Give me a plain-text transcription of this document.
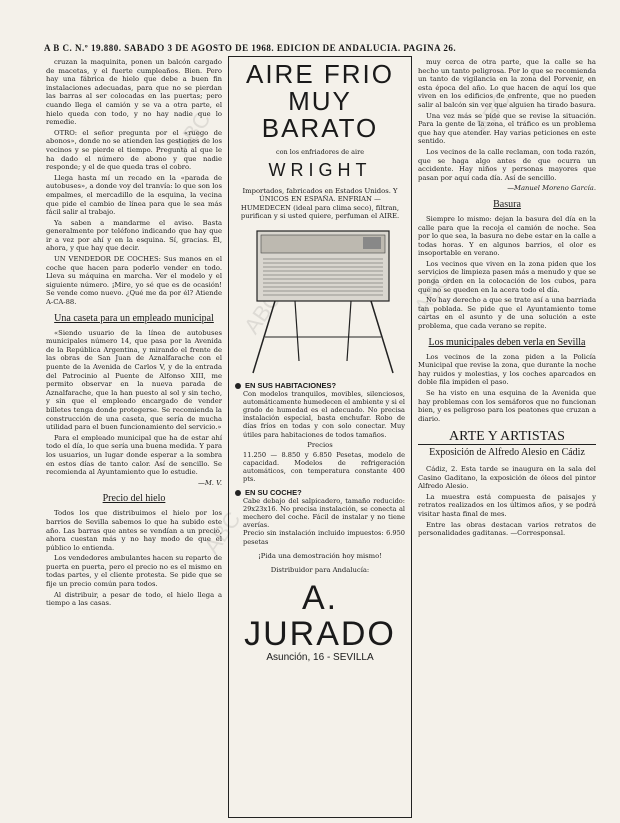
A B C. N.º 19.880. SABADO 3 DE AGOSTO DE 1968. EDICION DE ANDALUCIA. PAGINA 26.
ABC
ABC
ABC
ABC
ABC

cruzan la maquinita, ponen un balcón cargado de macetas, y el fuerte cumpleaños. Bien. Pero hay una fábrica de hielo que debe a buen fin instalaciones adecuadas, para que no se pierdan las barras al ser colocadas en las puertas; pero cuando llega el camión y se va a otra parte, el hielo queda con todo, y no hay nadie que lo remedie.

OTRO: el señor pregunta por el «ruego de abonos», donde no se atienden las gestiones de los vecinos y se pierde el tiempo. Pregunta al que le ha dado el número de abono y que nadie responde; y el de que queda tras el cobro.

Llega hasta mí un recado en la «parada de autobuses», a donde voy del tranvía: lo que son los empalmes, el mercadillo de la esquina, la vecina que pide el cambio de línea para que le sea más fácil salir al trabajo.

Ya saben a mandarme el aviso. Basta generalmente por teléfono indicando que hay que ir a vez por ahí y en la esquina. Sí, gracias. Él, ahora, y que hay que decir.

UN VENDEDOR DE COCHES: Sus manos en el coche que hacen para poderlo vender en todo. Lleva su máquina en marcha. Ver el modelo y el siguiente número. ¡Mire, yo sé que es de ocasión! Se vende como nuevo. ¿Qué me da por él? Atiende A-CA-88.

Una caseta para un empleado municipal

«Siendo usuario de la línea de autobuses municipales número 14, que pasa por la Avenida de la República Argentina, y mirando el frente de las obras de San Juan de Aznalfarache con el puente de la Avenida de Carlos V, y de la entrada del Patrocinio al Puente de Alfonso XIII, me permito observar en la nueva parada de Aznalfarache, que la han puesto al sol y sin techo, y sin que el empleado encargado de vender billetes tenga donde protegerse. Se recomienda la construcción de una caseta, que sería de mucha utilidad para el buen funcionamiento del servicio.»

Para el empleado municipal que ha de estar ahí todo el día, lo que sería una buena medida. Y para los usuarios, un lugar donde esperar a la sombra en estos días de tanto calor. Así de sencillo. Se recomienda al Ayuntamiento que lo estudie.

—M. V.
Precio del hielo

Todos los que distribuimos el hielo por los barrios de Sevilla sabemos lo que ha subido este año. Las barras que antes se vendían a un precio, ahora cuestan más y no hay modo de que el público lo entienda.

Los vendedores ambulantes hacen su reparto de puerta en puerta, pero el precio no es el mismo en todas partes, y el cliente protesta. Se pide que se fije un precio común para todos.

Al distribuir, a pesar de todo, el hielo llega a tiempo a las casas.

AIRE FRIO
MUY BARATO
con los enfriadores de aire
WRIGHT
Importados, fabricados en Estados Unidos. Y ÚNICOS EN ESPAÑA. ENFRIAN — HUMEDECEN (ideal para clima seco), filtran, purifican y si usted quiere, perfuman el AIRE.
EN SUS HABITACIONES?
Con modelos tranquilos, movibles, silenciosos, automáticamente humedecen el ambiente y si el grado de humedad es el adecuado. No precisa instalación especial, basta enchufar. Robo de días fríos en todas y con solo conectar. Muy útiles para habitaciones de todos tamaños.
Precios
11.250 — 8.850 y 6.850 Pesetas, modelo de capacidad. Modelos de refrigeración automáticos, con temperatura constante 400 pts.
EN SU COCHE?
Cabe debajo del salpicadero, tamaño reducido: 29x23x16. No precisa instalación, se conecta al mechero del coche. Fácil de instalar y no tiene averías.
Precio sin instalación incluido impuestos: 6.950 pesetas
¡Pida una demostración hoy mismo!
Distribuidor para Andalucía:
A. JURADO
Asunción, 16 - SEVILLA

muy cerca de otra parte, que la calle se ha hecho un tanto peligrosa. Por lo que se recomienda un tanto de vigilancia en la zona del Porvenir, en esta época del año. Lo que hacen de aquí los que viven en los edificios de enfrente, que no pueden salir al balcón sin ver que alguien ha tirado basura.

Una vez más se pide que se revise la situación. Para la gente de la zona, el tráfico es un problema que hay que atender. Hay varias peticiones en este sentido.

Los vecinos de la calle reclaman, con toda razón, que se haga algo antes de que ocurra un accidente. Hay niños y personas mayores que pasan por aquí cada día. Así de sencillo.

—Manuel Moreno García.
Basura

Siempre lo mismo: dejan la basura del día en la calle para que la recoja el camión de noche. Sea por lo que sea, la basura no debe estar en la calle a todas horas. Y en algunos barrios, el olor es insoportable en verano.

Los vecinos que viven en la zona piden que los servicios de limpieza pasen más a menudo y que se ponga orden en la colocación de los cubos, para que no se queden en la acera todo el día.

No hay derecho a que se trate así a una barriada tan poblada. Se pide que el Ayuntamiento tome cartas en el asunto y de una solución a este problema, que cada verano se repite.

Los municipales deben verla en Sevilla

Los vecinos de la zona piden a la Policía Municipal que revise la zona, que durante la noche hay ruidos y molestias, y los coches aparcados en doble fila impiden el paso.

Se ha visto en una esquina de la Avenida que hay problemas con los semáforos que no funcionan bien, y es peligroso para los peatones que cruzan a diario.

ARTE Y ARTISTAS
Exposición de Alfredo Alesio en Cádiz

Cádiz, 2. Esta tarde se inaugura en la sala del Casino Gaditano, la exposición de óleos del pintor Alfredo Alesio.

La muestra está compuesta de paisajes y retratos realizados en los últimos años, y se podrá visitar hasta final de mes.

Entre las obras destacan varios retratos de personalidades gaditanas. —Corresponsal.
